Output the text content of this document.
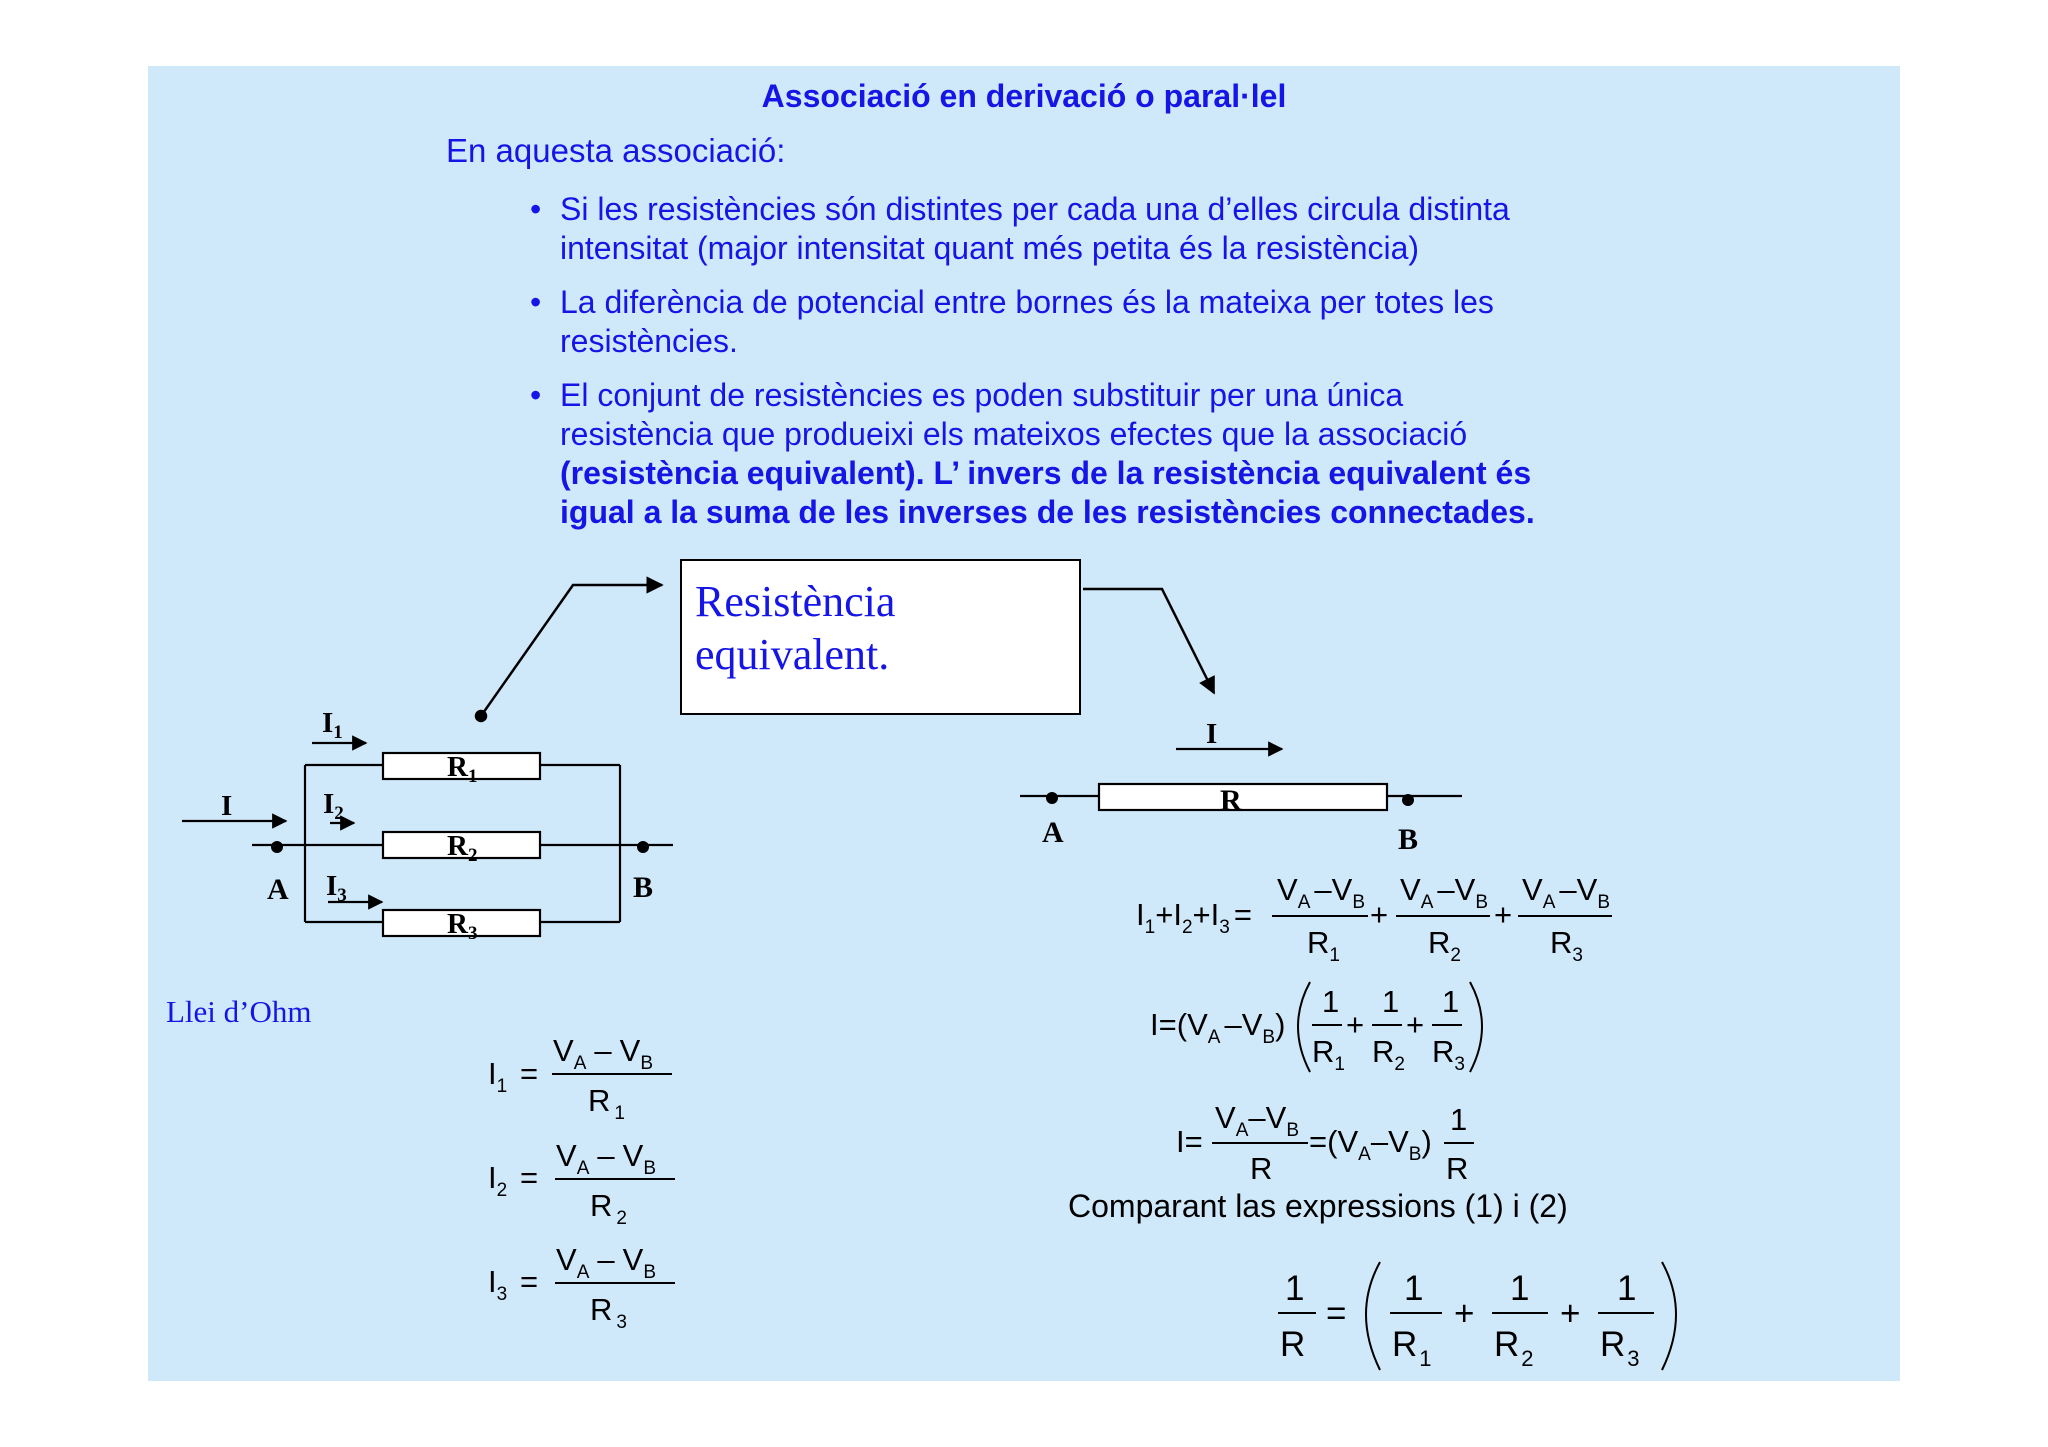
Associació en derivació o paral·lel
En aquesta associació:
• Si les resistències són distintes per cada una d’elles circula distinta
intensitat (major intensitat quant més petita és la resistència)
• La diferència de potencial entre bornes és la mateixa per totes les
resistències.
• El conjunt de resistències es poden substituir per una única
resistència que produeixi els mateixos efectes que la associació
(resistència equivalent). L’ invers de la resistència equivalent és
igual a la suma de les inverses de les resistències connectades.
Resistència
equivalent.
Llei d’Ohm
Comparant las expressions (1) i (2)
$R_1$
$R_2$
$R_3$
$I_1$
$I_2$
$I_3$
I
A	B
R
I
A	B
$I_1$ =
$V_A - V_B$
R $_1$
$I_2$ =
$V_A - V_B$
R $_2$
$I_3$ =
$V_A - V_B$
R $_3$
$I_1+I_2+I_3$ =
$V_A$ $-V_B$
$R_1$
+
$V_A$ $-V_B$
$R_2$
+
$V_A$ $-V_B$
$R_3$
$I=(V_A$ $-V_B$)
1
$R_1$
+
1
$R_2$
+
1
$R_3$
I=
$V_A-V_B$
R
$=(V_A-V_B)$
1
R
1
R
=
1
$R_1$
+
1
$R_2$
+
1
$R_3$
